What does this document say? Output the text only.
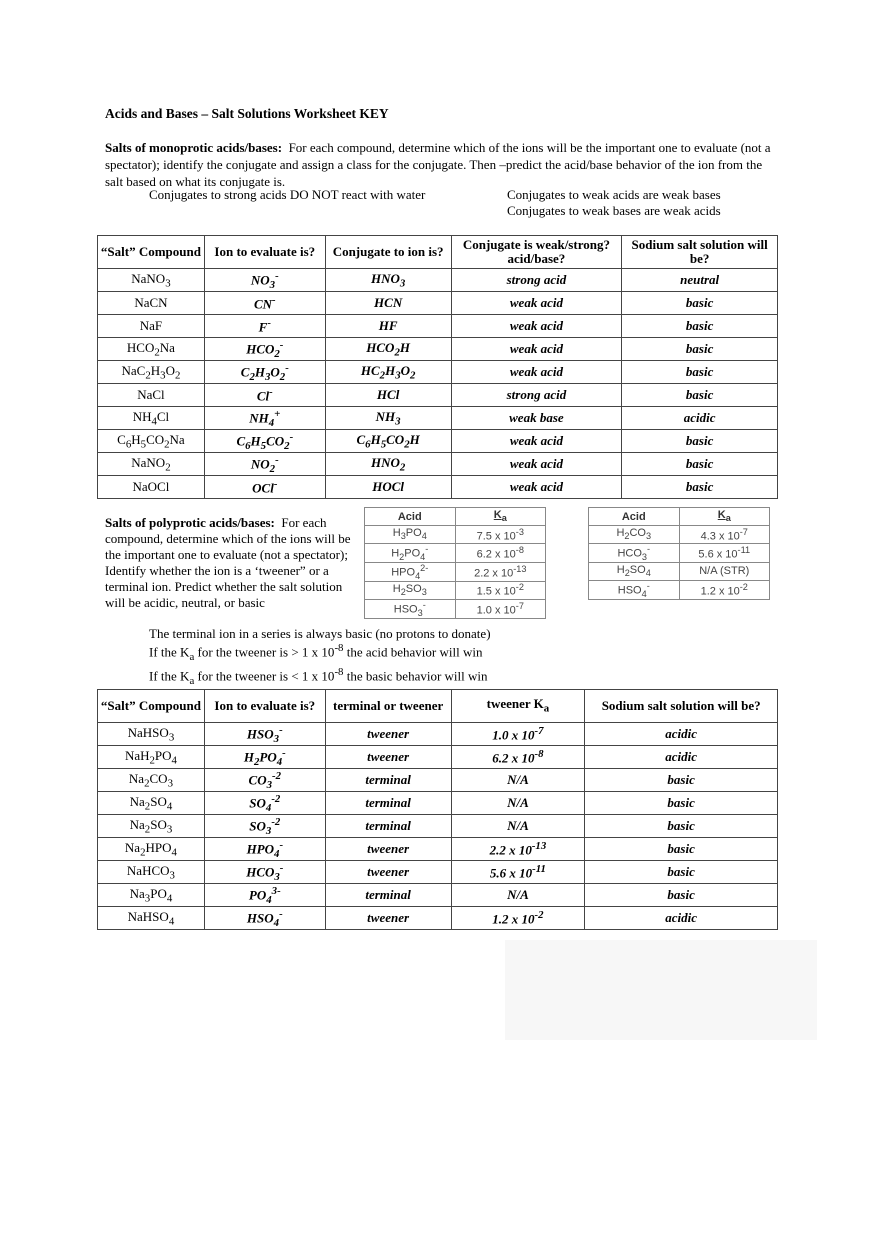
Acids and Bases – Salt Solutions Worksheet KEY
Salts of monoprotic acids/bases: For each compound, determine which of the ions will be the important one to evaluate (not a spectator); identify the conjugate and assign a class for the conjugate. Then –predict the acid/base behavior of the ion from the salt based on what its conjugate is.
Conjugates to strong acids DO NOT react with water	Conjugates to weak acids are weak bases
Conjugates to weak bases are weak acids
“Salt” Compound	Ion to evaluate is?	Conjugate to ion is?	Conjugate is weak/strong? acid/base?	Sodium salt solution will be?
NaNO$_3$	$NO_3^-$	$HNO_3$	strong acid	neutral
NaCN	CN-	HCN	weak acid	basic
NaF	F-	HF	weak acid	basic
$HCO_2Na$	$HCO_2^-$	$HCO_2H$	weak acid	basic
$NaC_2H_3O_2$	$C_2H_3O_2^-$	$HC_2H_3O_2$	weak acid	basic
NaCl	Cl-	HCl	strong acid	basic
$NH_4Cl$	$NH_4^+$	$NH_3$	weak base	acidic
$C_6H_5CO_2Na$	$C_6H_5CO_2^-$	$C_6H_5CO_2H$	weak acid	basic
NaNO$_2$	$NO_2^-$	$HNO_2$	weak acid	basic
NaOCl	OCl-	HOCl	weak acid	basic
Salts of polyprotic acids/bases: For each compound, determine which of the ions will be the important one to evaluate (not a spectator); Identify whether the ion is a ‘tweener” or a terminal ion. Predict whether the salt solution will be acidic, neutral, or basic
Acid	$K_a$
$H_3PO_4$	7.5 x $10^{-3}$
$H_2PO_4^-$	6.2 x $10^{-8}$
$HPO_4^{2-}$	2.2 x $10^{-13}$
$H_2SO_3$	1.5 x $10^{-2}$
$HSO_3^-$	1.0 x $10^{-7}$
Acid	$K_a$
$H_2CO_3$	4.3 x $10^{-7}$
$HCO_3^-$	5.6 x $10^{-11}$
$H_2SO_4$	N/A (STR)
$HSO_4^-$	1.2 x $10^{-2}$
The terminal ion in a series is always basic (no protons to donate)
If the $K_a$ for the tweener is > 1 x $10^{-8}$ the acid behavior will win
If the $K_a$ for the tweener is < 1 x $10^{-8}$ the basic behavior will win
“Salt” Compound	Ion to evaluate is?	terminal or tweener	tweener $K_a$	Sodium salt solution will be?
NaHSO$_3$	$HSO_3^-$	tweener	1.0 x $10^{-7}$	acidic
$NaH_2PO_4$	$H_2PO_4^-$	tweener	6.2 x $10^{-8}$	acidic
$Na_2CO_3$	$CO_3^{-2}$	terminal	N/A	basic
$Na_2SO_4$	$SO_4^{-2}$	terminal	N/A	basic
$Na_2SO_3$	$SO_3^{-2}$	terminal	N/A	basic
$Na_2HPO_4$	$HPO_4^-$	tweener	2.2 x $10^{-13}$	basic
NaHCO$_3$	$HCO_3^-$	tweener	5.6 x $10^{-11}$	basic
$Na_3PO_4$	$PO_4^{3-}$	terminal	N/A	basic
NaHSO$_4$	$HSO_4^-$	tweener	1.2 x $10^{-2}$	acidic
